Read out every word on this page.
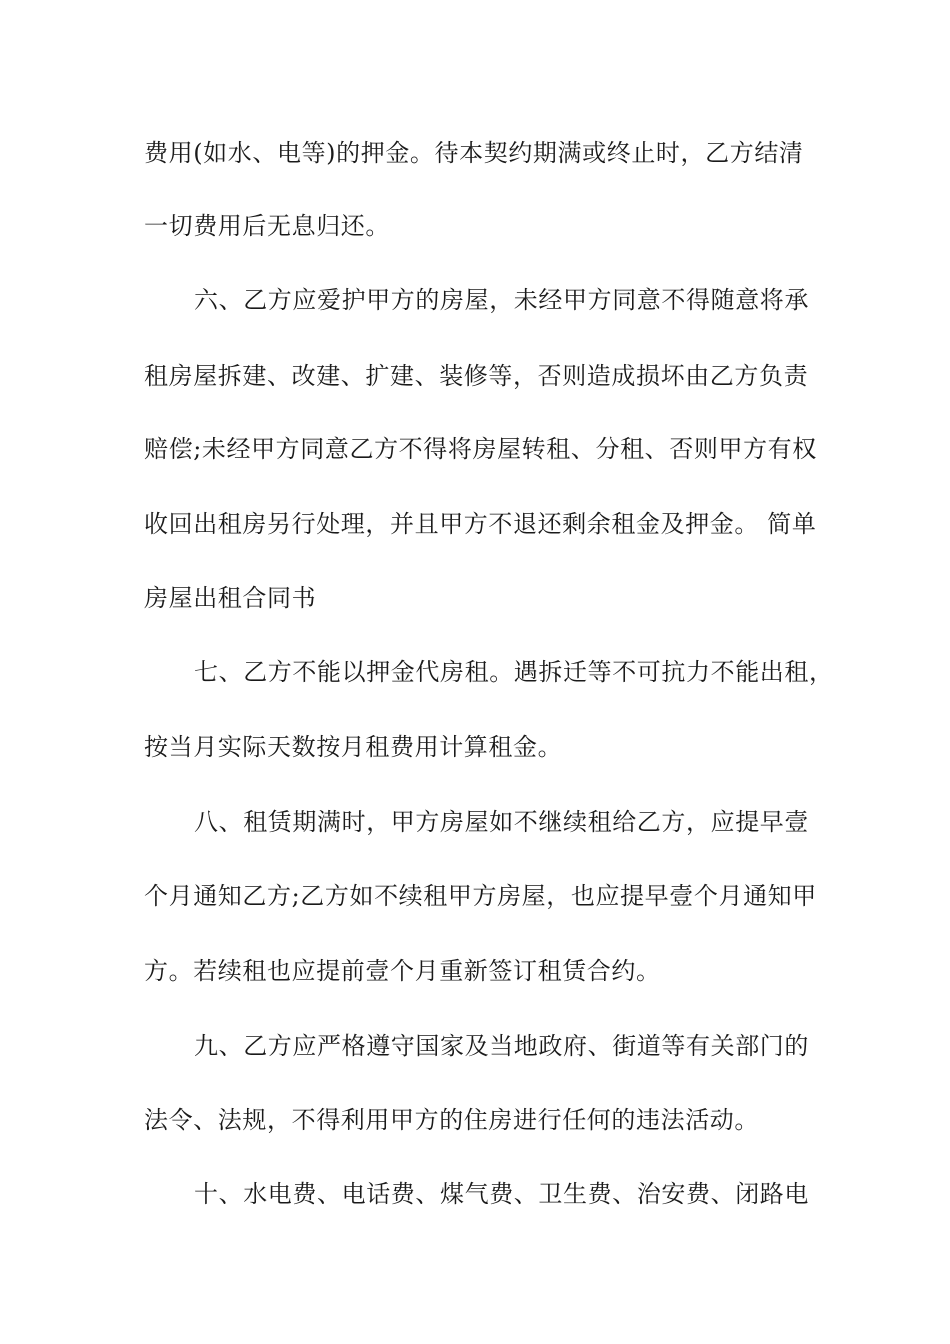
费用(如水、电等)的押金。待本契约期满或终止时，乙方结清
一切费用后无息归还。
六、乙方应爱护甲方的房屋，未经甲方同意不得随意将承
租房屋拆建、改建、扩建、装修等，否则造成损坏由乙方负责
赔偿;未经甲方同意乙方不得将房屋转租、分租、否则甲方有权
收回出租房另行处理，并且甲方不退还剩余租金及押金。 简单
房屋出租合同书
七、乙方不能以押金代房租。遇拆迁等不可抗力不能出租，
按当月实际天数按月租费用计算租金。
八、租赁期满时，甲方房屋如不继续租给乙方，应提早壹
个月通知乙方;乙方如不续租甲方房屋，也应提早壹个月通知甲
方。若续租也应提前壹个月重新签订租赁合约。
九、乙方应严格遵守国家及当地政府、街道等有关部门的
法令、法规，不得利用甲方的住房进行任何的违法活动。
十、水电费、电话费、煤气费、卫生费、治安费、闭路电
